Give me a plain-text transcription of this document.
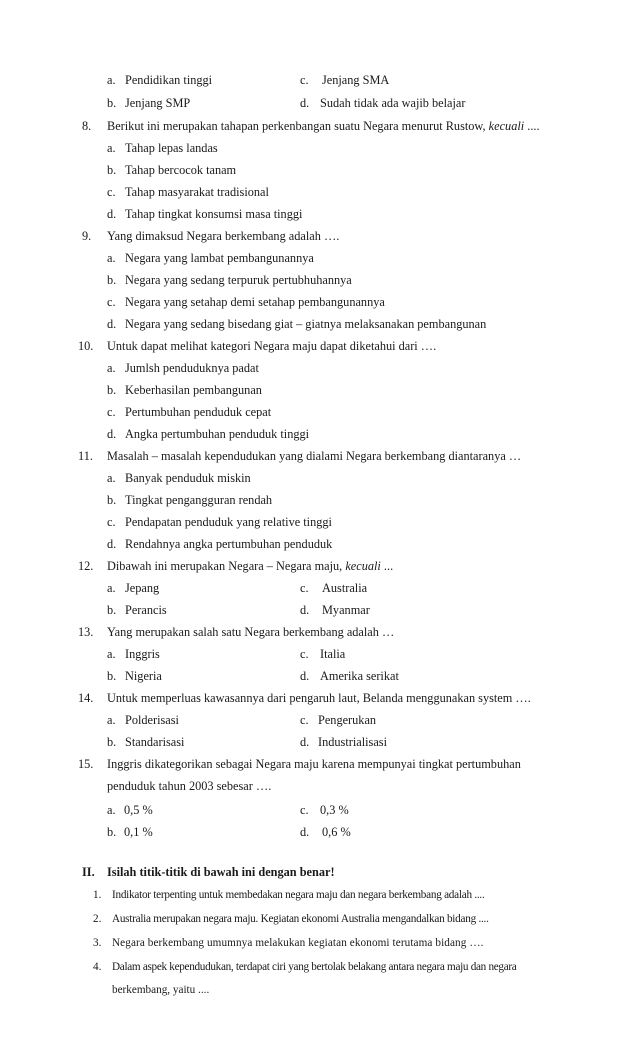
a. Pendidikan tinggi	c. Jenjang SMA
b. Jenjang SMP	d. Sudah tidak ada wajib belajar
8. Berikut ini merupakan tahapan perkenbangan suatu Negara menurut Rustow, kecuali ....
a. Tahap lepas landas
b. Tahap bercocok tanam
c. Tahap masyarakat tradisional
d. Tahap tingkat konsumsi masa tinggi
9. Yang dimaksud Negara berkembang adalah ….
a. Negara yang lambat pembangunannya
b. Negara yang sedang terpuruk pertubhuhannya
c. Negara yang setahap demi setahap pembangunannya
d. Negara yang sedang bisedang giat – giatnya melaksanakan pembangunan
10. Untuk dapat melihat kategori Negara maju dapat diketahui dari ….
a. Jumlsh penduduknya padat
b. Keberhasilan pembangunan
c. Pertumbuhan penduduk cepat
d. Angka pertumbuhan penduduk tinggi
11. Masalah – masalah kependudukan yang dialami Negara berkembang diantaranya …
a. Banyak penduduk miskin
b. Tingkat pengangguran rendah
c. Pendapatan penduduk yang relative tinggi
d. Rendahnya angka pertumbuhan penduduk
12. Dibawah ini merupakan Negara – Negara maju, kecuali ...
a. Jepang	c. Australia
b. Perancis	d. Myanmar
13. Yang merupakan salah satu Negara berkembang adalah …
a. Inggris	c. Italia
b. Nigeria	d. Amerika serikat
14. Untuk memperluas kawasannya dari pengaruh laut, Belanda menggunakan system ….
a. Polderisasi	c. Pengerukan
b. Standarisasi	d. Industrialisasi
15. Inggris dikategorikan sebagai Negara maju karena mempunyai tingkat pertumbuhan
penduduk tahun 2003 sebesar ….
a. 0,5 %	c. 0,3 %
b. 0,1 %	d. 0,6 %
II. Isilah titik-titik di bawah ini dengan benar!
1. Indikator terpenting untuk membedakan negara maju dan negara berkembang adalah ....
2. Australia merupakan negara maju. Kegiatan ekonomi Australia mengandalkan bidang ....
3. Negara berkembang umumnya melakukan kegiatan ekonomi terutama bidang ….
4. Dalam aspek kependudukan, terdapat ciri yang bertolak belakang antara negara maju dan negara
berkembang, yaitu ....
